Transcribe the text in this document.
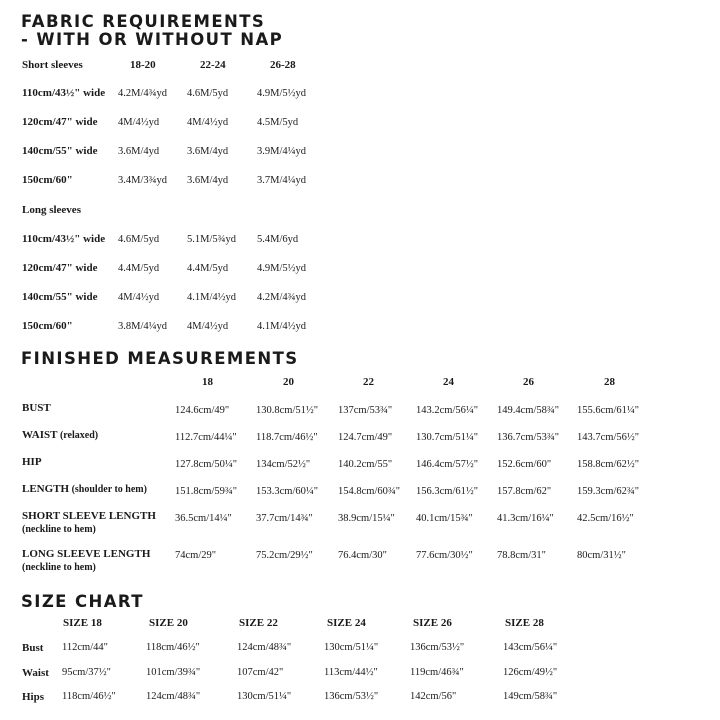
FABRIC REQUIREMENTS
- WITH OR WITHOUT NAP
Short sleeves	18-20	22-24	26-28
110cm/43½" wide 4.2M/4¾yd 4.6M/5yd	4.9M/5½yd
120cm/47" wide 4M/4½yd	4M/4½yd	4.5M/5yd
140cm/55" wide 3.6M/4yd	3.6M/4yd	3.9M/4¼yd
150cm/60"	3.4M/3¾yd 3.6M/4yd	3.7M/4¼yd
Long sleeves
110cm/43½" wide 4.6M/5yd	5.1M/5¾yd 5.4M/6yd
120cm/47" wide 4.4M/5yd	4.4M/5yd	4.9M/5½yd
140cm/55" wide 4M/4½yd	4.1M/4½yd 4.2M/4¾yd
150cm/60"	3.8M/4¼yd 4M/4½yd	4.1M/4½yd
FINISHED MEASUREMENTS
18	20	22	24	26	28
BUST	124.6cm/49"	130.8cm/51½" 137cm/53¾" 143.2cm/56¼" 149.4cm/58¾" 155.6cm/61¼"
WAIST (relaxed)	112.7cm/44¼" 118.7cm/46½" 124.7cm/49" 130.7cm/51¼" 136.7cm/53¾" 143.7cm/56½"
HIP	127.8cm/50¼" 134cm/52½"	140.2cm/55" 146.4cm/57½" 152.6cm/60" 158.8cm/62½"
LENGTH (shoulder to hem)	151.8cm/59¾" 153.3cm/60¼" 154.8cm/60¾" 156.3cm/61½" 157.8cm/62" 159.3cm/62¾"
SHORT SLEEVE LENGTH
(neckline to hem)
36.5cm/14¼" 37.7cm/14¾" 38.9cm/15¼" 40.1cm/15¾" 41.3cm/16¼" 42.5cm/16½"
LONG SLEEVE LENGTH
(neckline to hem)
74cm/29"	75.2cm/29½" 76.4cm/30"	77.6cm/30½" 78.8cm/31"	80cm/31½"
SIZE CHART
SIZE 18	SIZE 20	SIZE 22	SIZE 24	SIZE 26	SIZE 28
Bust 112cm/44"	118cm/46½"	124cm/48¾"	130cm/51¼"	136cm/53½"	143cm/56¼"
Waist 95cm/37½"	101cm/39¾"	107cm/42"	113cm/44½"	119cm/46¾"	126cm/49½"
Hips 118cm/46½"	124cm/48¾"	130cm/51¼"	136cm/53½"	142cm/56"	149cm/58¾"
